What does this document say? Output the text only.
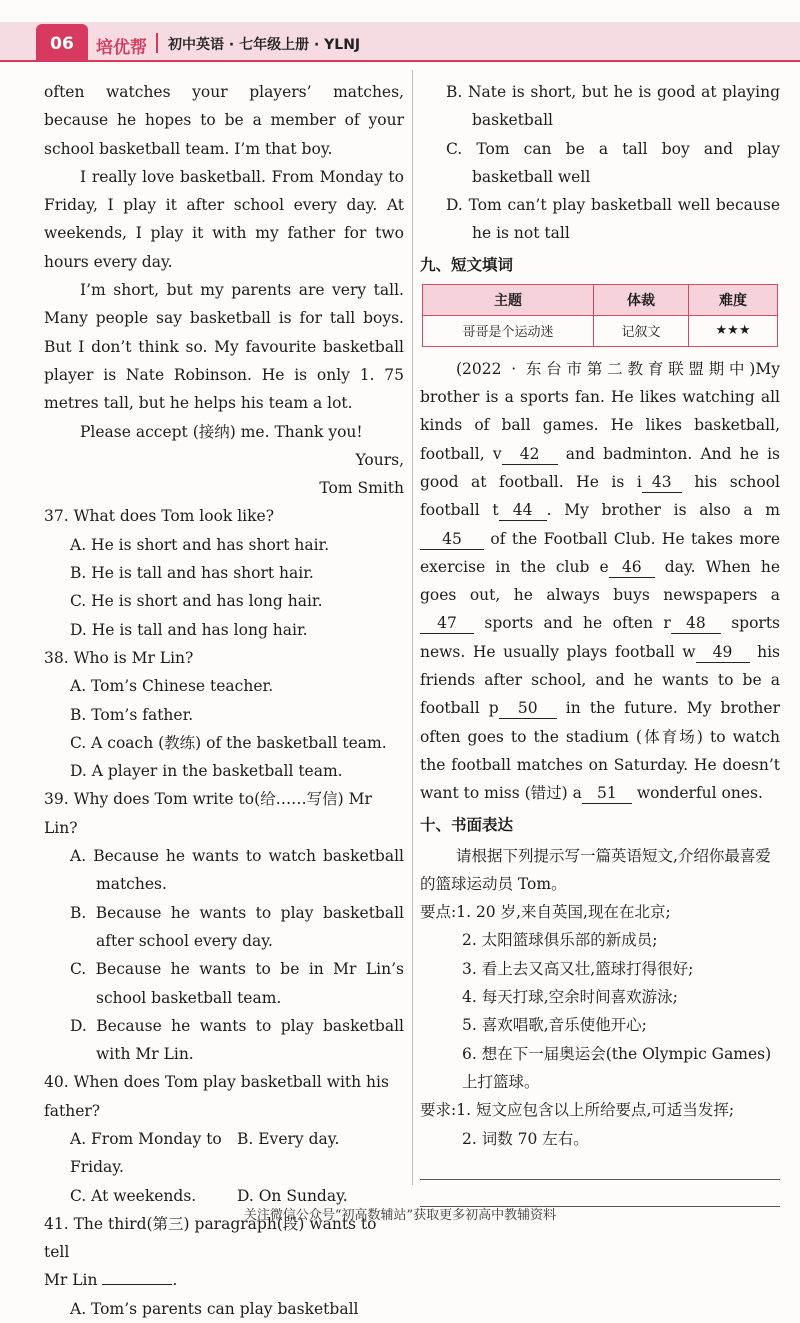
06	培优帮 初中英语 · 七年级上册 · YLNJ

often watches your players’ matches, because he hopes to be a member of your school basketball team. I’m that boy.

I really love basketball. From Monday to Friday, I play it after school every day. At weekends, I play it with my father for two hours every day.

I’m short, but my parents are very tall. Many people say basketball is for tall boys. But I don’t think so. My favourite basketball player is Nate Robinson. He is only 1. 75 metres tall, but he helps his team a lot.

Please accept (接纳) me. Thank you!

Yours,

Tom Smith

37. What does Tom look like?

A. He is short and has short hair.

B. He is tall and has short hair.

C. He is short and has long hair.

D. He is tall and has long hair.

38. Who is Mr Lin?

A. Tom’s Chinese teacher.

B. Tom’s father.

C. A coach (教练) of the basketball team.

D. A player in the basketball team.

39. Why does Tom write to(给……写信) Mr Lin?

A. Because he wants to watch basketball matches.

B. Because he wants to play basketball after school every day.

C. Because he wants to be in Mr Lin’s school basketball team.

D. Because he wants to play basketball with Mr Lin.

40. When does Tom play basketball with his father?

A. From Monday to Friday.
B. Every day.
C. At weekends.	D. On Sunday.

41. The third(第三) paragraph(段) wants to tell

Mr Lin	.

A. Tom’s parents can play basketball

B. Nate is short, but he is good at playing basketball

C. Tom can be a tall boy and play basketball well

D. Tom can’t play basketball well because he is not tall

九、短文填词
主题	体裁	难度
哥哥是个运动迷	记叙文	★★★

(2022 · 东台市第二教育联盟期中)My brother is a sports fan. He likes watching all kinds of ball games. He likes basketball, football, v 42 and badminton. And he is good at football. He is i 43 his school football t 44 . My brother is also a m45 of the Football Club. He takes more exercise in the club e 46 day. When he goes out, he always buys newspapers a47 sports and he often r 48 sports news. He usually plays football w 49 his friends after school, and he wants to be a football p 50 in the future. My brother often goes to the stadium (体育场) to watch the football matches on Saturday. He doesn’t want to miss (错过) a 51 wonderful ones.

十、书面表达

请根据下列提示写一篇英语短文,介绍你最喜爱的篮球运动员 Tom。

要点:1. 20 岁,来自英国,现在在北京;

2. 太阳篮球俱乐部的新成员;

3. 看上去又高又壮,篮球打得很好;

4. 每天打球,空余时间喜欢游泳;

5. 喜欢唱歌,音乐使他开心;

6. 想在下一届奥运会(the Olympic Games)上打篮球。

要求:1. 短文应包含以上所给要点,可适当发挥;

2. 词数 70 左右。

关注微信公众号“初高数辅站”获取更多初高中教辅资料
